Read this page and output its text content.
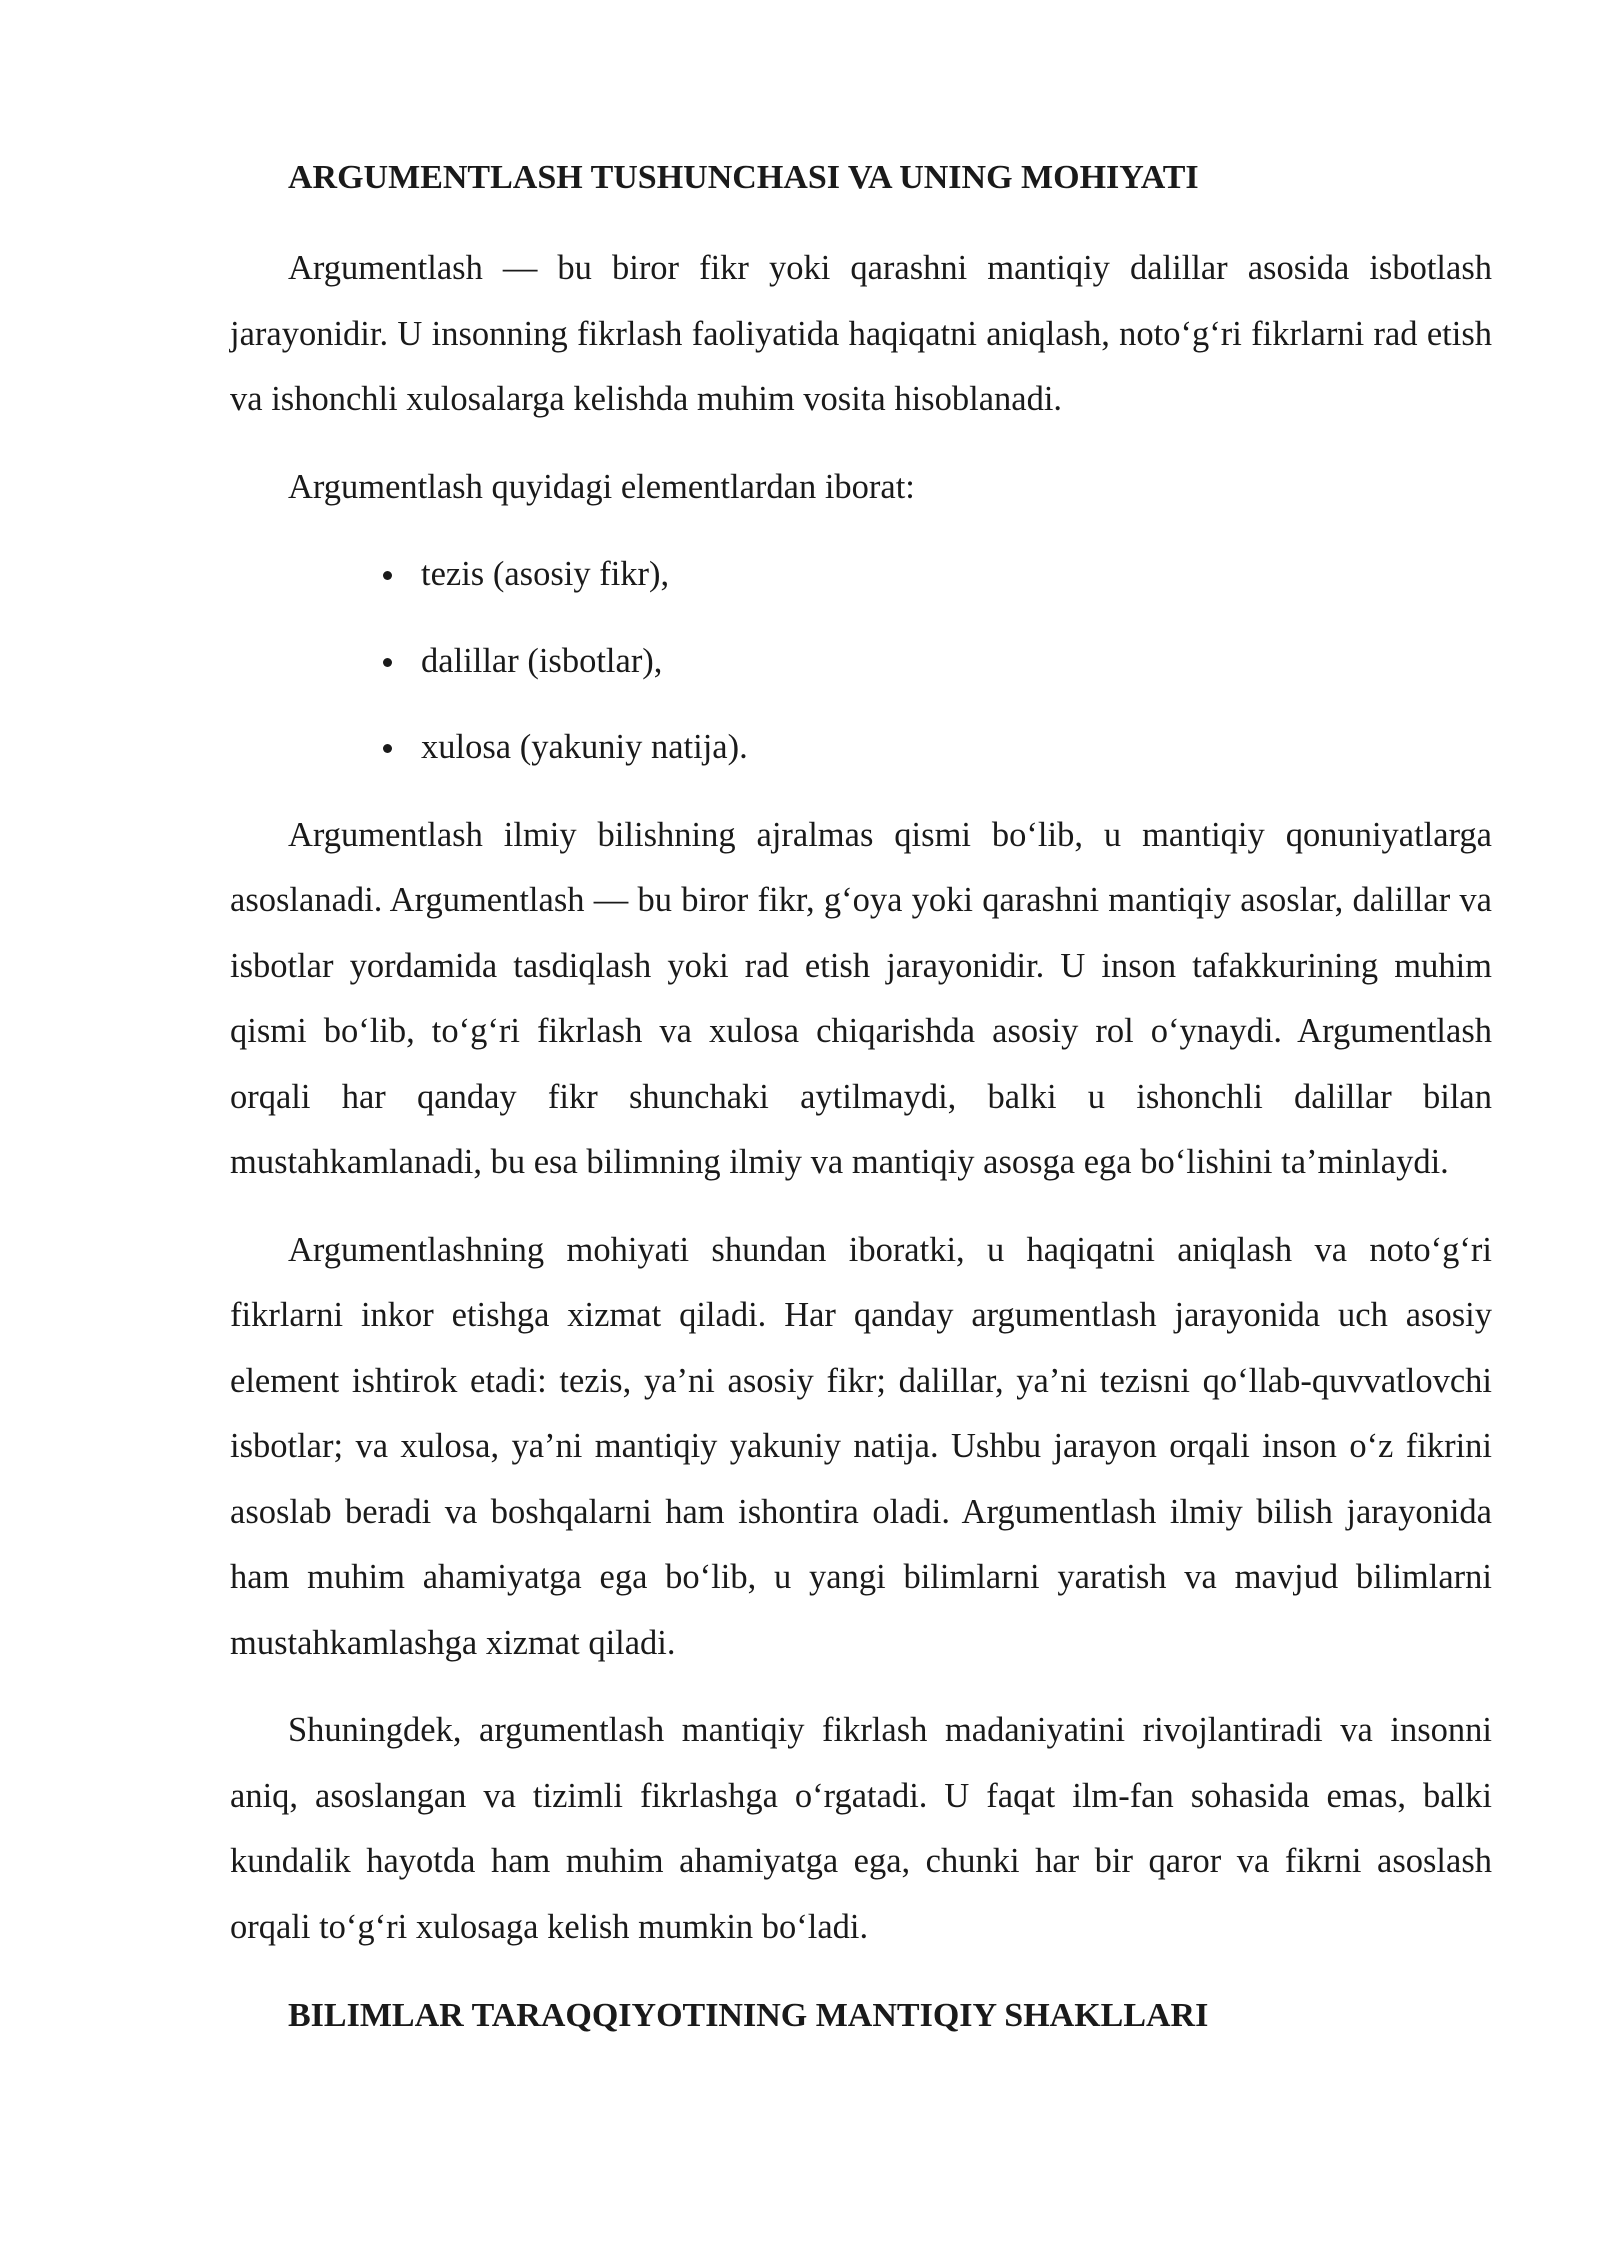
ARGUMENTLASH TUSHUNCHASI VA UNING MOHIYATI

Argumentlash — bu biror fikr yoki qarashni mantiqiy dalillar asosida isbotlash jarayonidir. U insonning fikrlash faoliyatida haqiqatni aniqlash, noto‘g‘ri fikrlarni rad etish va ishonchli xulosalarga kelishda muhim vosita hisoblanadi.

Argumentlash quyidagi elementlardan iborat:

tezis (asosiy fikr),
dalillar (isbotlar),
xulosa (yakuniy natija).

Argumentlash ilmiy bilishning ajralmas qismi bo‘lib, u mantiqiy qonuniyatlarga asoslanadi. Argumentlash — bu biror fikr, g‘oya yoki qarashni mantiqiy asoslar, dalillar va isbotlar yordamida tasdiqlash yoki rad etish jarayonidir. U inson tafakkurining muhim qismi bo‘lib, to‘g‘ri fikrlash va xulosa chiqarishda asosiy rol o‘ynaydi. Argumentlash orqali har qanday fikr shunchaki aytilmaydi, balki u ishonchli dalillar bilan mustahkamlanadi, bu esa bilimning ilmiy va mantiqiy asosga ega bo‘lishini ta’minlaydi.

Argumentlashning mohiyati shundan iboratki, u haqiqatni aniqlash va noto‘g‘ri fikrlarni inkor etishga xizmat qiladi. Har qanday argumentlash jarayonida uch asosiy element ishtirok etadi: tezis, ya’ni asosiy fikr; dalillar, ya’ni tezisni qo‘llab-quvvatlovchi isbotlar; va xulosa, ya’ni mantiqiy yakuniy natija. Ushbu jarayon orqali inson o‘z fikrini asoslab beradi va boshqalarni ham ishontira oladi. Argumentlash ilmiy bilish jarayonida ham muhim ahamiyatga ega bo‘lib, u yangi bilimlarni yaratish va mavjud bilimlarni mustahkamlashga xizmat qiladi.

Shuningdek, argumentlash mantiqiy fikrlash madaniyatini rivojlantiradi va insonni aniq, asoslangan va tizimli fikrlashga o‘rgatadi. U faqat ilm-fan sohasida emas, balki kundalik hayotda ham muhim ahamiyatga ega, chunki har bir qaror va fikrni asoslash orqali to‘g‘ri xulosaga kelish mumkin bo‘ladi.

BILIMLAR TARAQQIYOTINING MANTIQIY SHAKLLARI
